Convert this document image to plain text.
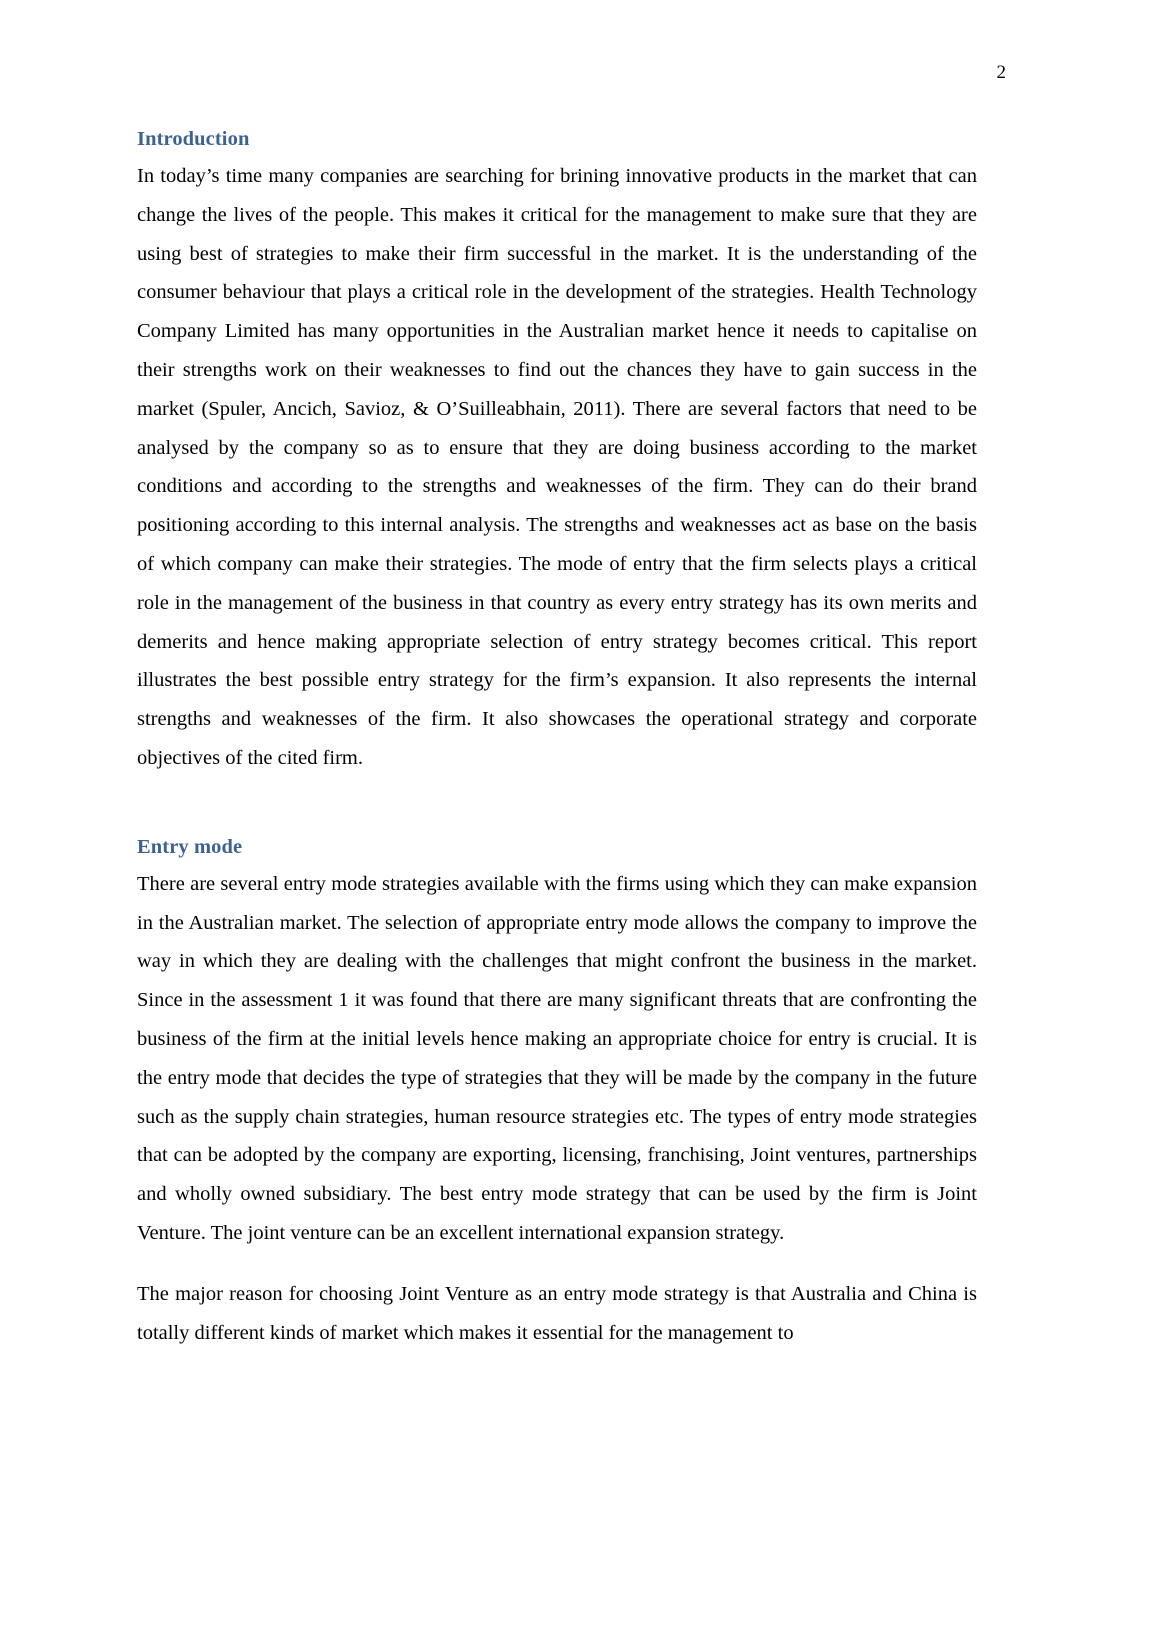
2
Introduction

In today’s time many companies are searching for brining innovative products in the market that can change the lives of the people. This makes it critical for the management to make sure that they are using best of strategies to make their firm successful in the market. It is the understanding of the consumer behaviour that plays a critical role in the development of the strategies. Health Technology Company Limited has many opportunities in the Australian market hence it needs to capitalise on their strengths work on their weaknesses to find out the chances they have to gain success in the market (Spuler, Ancich, Savioz, & O’Suilleabhain, 2011). There are several factors that need to be analysed by the company so as to ensure that they are doing business according to the market conditions and according to the strengths and weaknesses of the firm. They can do their brand positioning according to this internal analysis. The strengths and weaknesses act as base on the basis of which company can make their strategies. The mode of entry that the firm selects plays a critical role in the management of the business in that country as every entry strategy has its own merits and demerits and hence making appropriate selection of entry strategy becomes critical. This report illustrates the best possible entry strategy for the firm’s expansion. It also represents the internal strengths and weaknesses of the firm. It also showcases the operational strategy and corporate objectives of the cited firm.

Entry mode

There are several entry mode strategies available with the firms using which they can make expansion in the Australian market. The selection of appropriate entry mode allows the company to improve the way in which they are dealing with the challenges that might confront the business in the market. Since in the assessment 1 it was found that there are many significant threats that are confronting the business of the firm at the initial levels hence making an appropriate choice for entry is crucial. It is the entry mode that decides the type of strategies that they will be made by the company in the future such as the supply chain strategies, human resource strategies etc. The types of entry mode strategies that can be adopted by the company are exporting, licensing, franchising, Joint ventures, partnerships and wholly owned subsidiary. The best entry mode strategy that can be used by the firm is Joint Venture. The joint venture can be an excellent international expansion strategy.

The major reason for choosing Joint Venture as an entry mode strategy is that Australia and China is totally different kinds of market which makes it essential for the management to
